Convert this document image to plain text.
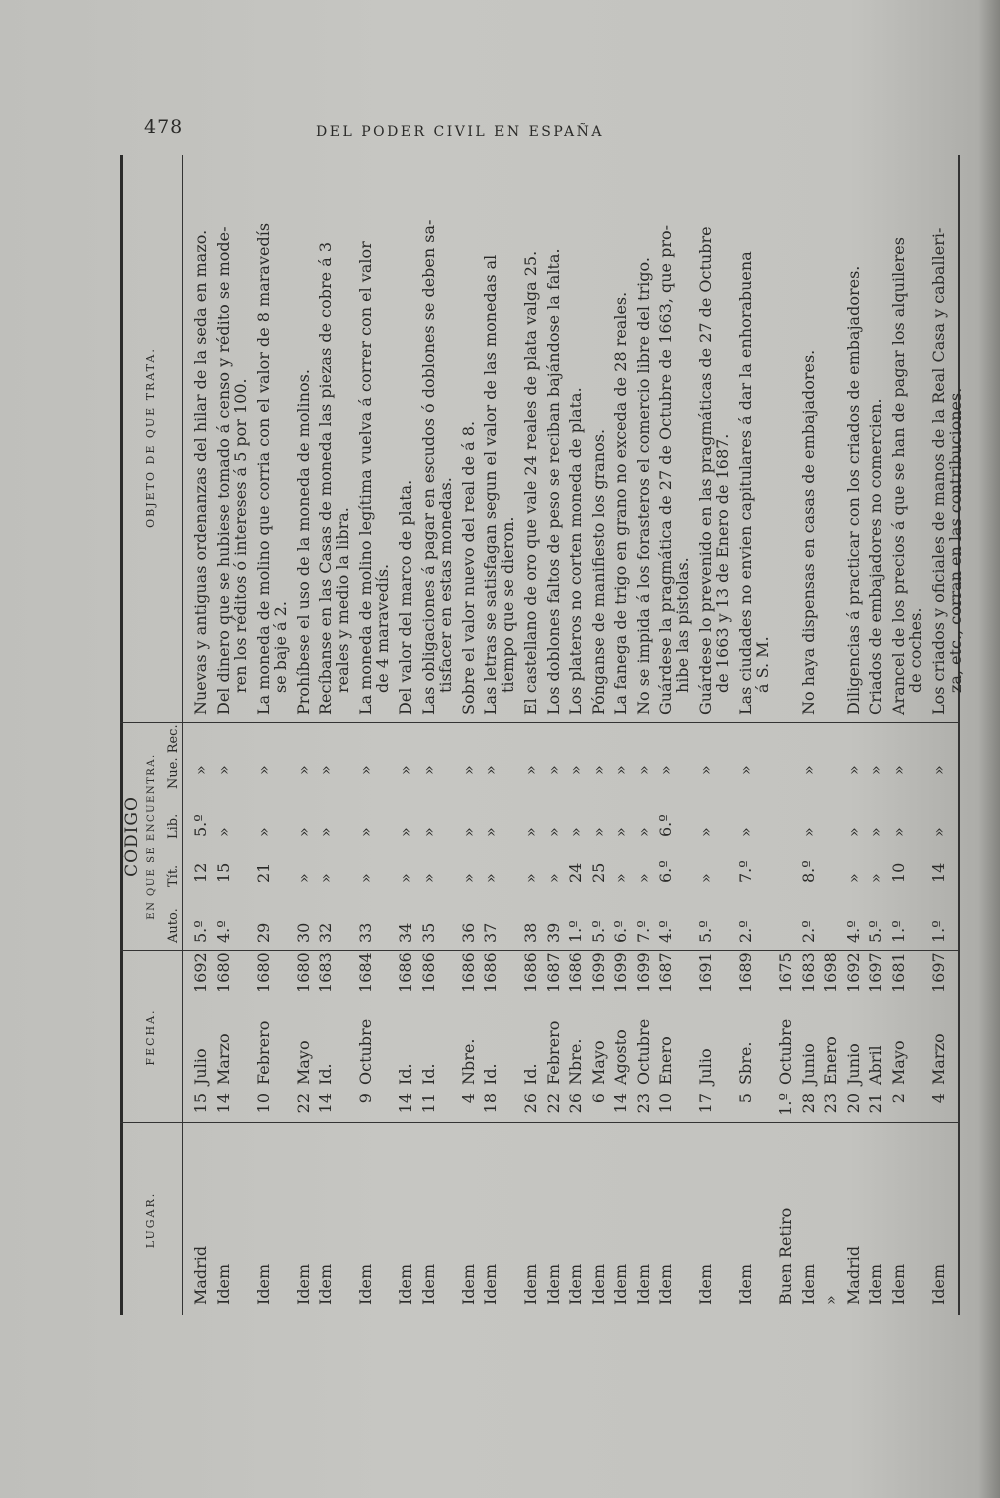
478	DEL PODER CIVIL EN ESPAÑA
LUGAR.
FECHA.
CÓDIGO EN QUE SE ENCUENTRA.
OBJETO DE QUE TRATA.
Auto.
Tít.
Lib.
Nue. Rec.
Madrid
15
Julio
1692
5.º
12
5.º
»
Nuevas y antiguas ordenanzas del hilar de la seda en mazo.
Idem
14
Marzo
1680
4.º
15
»
»
Del dinero que se hubiese tomado á censo y rédito se mode-
ren los réditos ó intereses á 5 por 100.
Idem
10
Febrero
1680
29
21
»
»
La moneda de molino que corria con el valor de 8 maravedís
se baje á 2.
Idem
22
Mayo
1680
30
»
»
»
Prohíbese el uso de la moneda de molinos.
Idem
14
Id.
1683
32
»
»
»
Recíbanse en las Casas de moneda las piezas de cobre á 3
reales y medio la libra.
Idem
9
Octubre
1684
33
»
»
»
La moneda de molino legítima vuelva á correr con el valor
de 4 maravedís.
Idem
14
Id.
1686
34
»
»
»
Del valor del marco de plata.
Idem
11
Id.
1686
35
»
»
»
Las obligaciones á pagar en escudos ó doblones se deben sa-
tisfacer en estas monedas.
Idem
4
Nbre.
1686
36
»
»
»
Sobre el valor nuevo del real de á 8.
Idem
18
Id.
1686
37
»
»
»
Las letras se satisfagan segun el valor de las monedas al
tiempo que se dieron.
Idem
26
Id.
1686
38
»
»
»
El castellano de oro que vale 24 reales de plata valga 25.
Idem
22
Febrero
1687
39
»
»
»
Los doblones faltos de peso se reciban bajándose la falta.
Idem
26
Nbre.
1686
1.º
24
»
»
Los plateros no corten moneda de plata.
Idem
6
Mayo
1699
5.º
25
»
»
Pónganse de manifiesto los granos.
Idem
14
Agosto
1699
6.º
»
»
»
La fanega de trigo en grano no exceda de 28 reales.
Idem
23
Octubre
1699
7.º
»
»
»
No se impida á los forasteros el comercio libre del trigo.
Idem
10
Enero
1687
4.º
6.º
6.º
»
Guárdese la pragmática de 27 de Octubre de 1663, que pro-
hibe las pistolas.
Idem
17
Julio
1691
5.º
»
»
»
Guárdese lo prevenido en las pragmáticas de 27 de Octubre
de 1663 y 13 de Enero de 1687.
Idem
5
Sbre.
1689
2.º
7.º
»
»
Las ciudades no envien capitulares á dar la enhorabuena
á S. M.
Buen Retiro
1.º
Octubre
1675
Idem
28
Junio
1683
2.º
8.º
»
»
No haya dispensas en casas de embajadores.
»
23
Enero
1698
Madrid
20
Junio
1692
4.º
»
»
»
Diligencias á practicar con los criados de embajadores.
Idem
21
Abril
1697
5.º
»
»
»
Criados de embajadores no comercien.
Idem
2
Mayo
1681
1.º
10
»
»
Arancel de los precios á que se han de pagar los alquileres
de coches.
Idem
4
Marzo
1697
1.º
14
»
»
Los criados y oficiales de manos de la Real Casa y caballeri-
za, etc., corran en las contribuciones.
